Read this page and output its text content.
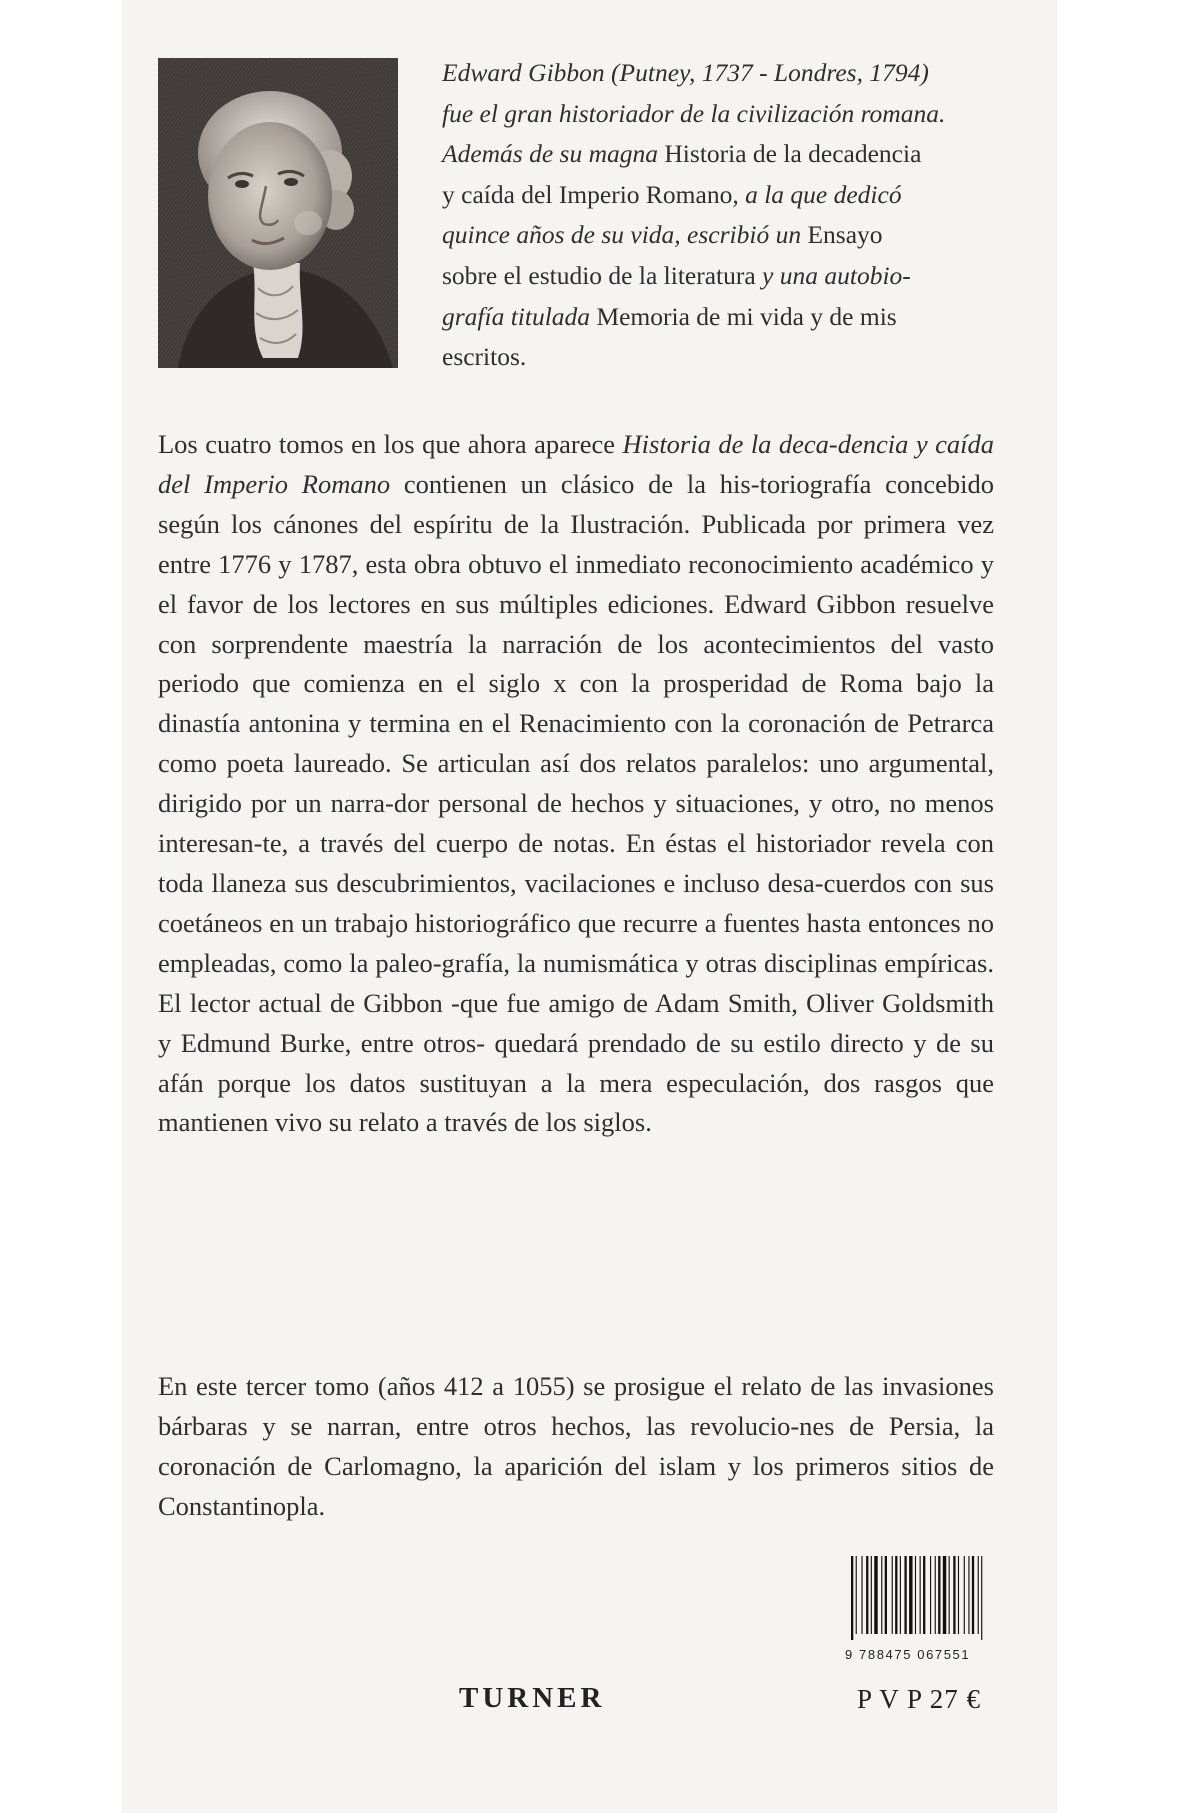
Edward Gibbon (Putney, 1737 - Londres, 1794)

fue el gran historiador de la civilización romana.

Además de su magna Historia de la decadencia

y caída del Imperio Romano, a la que dedicó

quince años de su vida, escribió un Ensayo

sobre el estudio de la literatura y una autobio-

grafía titulada Memoria de mi vida y de mis

escritos.

Los cuatro tomos en los que ahora aparece Historia de la deca-dencia y caída del Imperio Romano contienen un clásico de la his-toriografía concebido según los cánones del espíritu de la Ilustración. Publicada por primera vez entre 1776 y 1787, esta obra obtuvo el inmediato reconocimiento académico y el favor de los lectores en sus múltiples ediciones. Edward Gibbon resuelve con sorprendente maestría la narración de los acontecimientos del vasto periodo que comienza en el siglo x con la prosperidad de Roma bajo la dinastía antonina y termina en el Renacimiento con la coronación de Petrarca como poeta laureado. Se articulan así dos relatos paralelos: uno argumental, dirigido por un narra-dor personal de hechos y situaciones, y otro, no menos interesan-te, a través del cuerpo de notas. En éstas el historiador revela con toda llaneza sus descubrimientos, vacilaciones e incluso desa-cuerdos con sus coetáneos en un trabajo historiográfico que recurre a fuentes hasta entonces no empleadas, como la paleo-grafía, la numismática y otras disciplinas empíricas. El lector actual de Gibbon -que fue amigo de Adam Smith, Oliver Goldsmith y Edmund Burke, entre otros- quedará prendado de su estilo directo y de su afán porque los datos sustituyan a la mera especulación, dos rasgos que mantienen vivo su relato a través de los siglos.

En este tercer tomo (años 412 a 1055) se prosigue el relato de las invasiones bárbaras y se narran, entre otros hechos, las revolucio-nes de Persia, la coronación de Carlomagno, la aparición del islam y los primeros sitios de Constantinopla.

9 788475 067551
TURNER	P V P 27 €
